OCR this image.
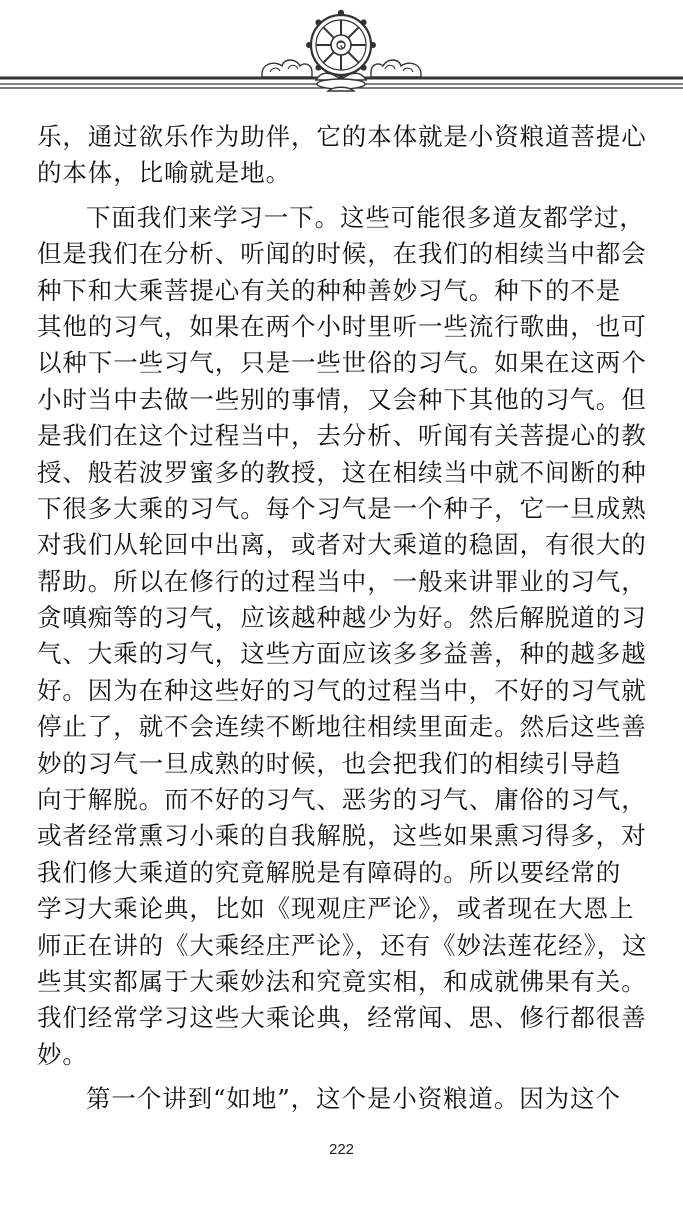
乐，通过欲乐作为助伴，它的本体就是小资粮道菩提心
的本体，比喻就是地。
下面我们来学习一下。这些可能很多道友都学过，
但是我们在分析、听闻的时候，在我们的相续当中都会
种下和大乘菩提心有关的种种善妙习气。种下的不是
其他的习气，如果在两个小时里听一些流行歌曲，也可
以种下一些习气，只是一些世俗的习气。如果在这两个
小时当中去做一些别的事情，又会种下其他的习气。但
是我们在这个过程当中，去分析、听闻有关菩提心的教
授、般若波罗蜜多的教授，这在相续当中就不间断的种
下很多大乘的习气。每个习气是一个种子，它一旦成熟
对我们从轮回中出离，或者对大乘道的稳固，有很大的
帮助。所以在修行的过程当中，一般来讲罪业的习气，
贪嗔痴等的习气，应该越种越少为好。然后解脱道的习
气、大乘的习气，这些方面应该多多益善，种的越多越
好。因为在种这些好的习气的过程当中，不好的习气就
停止了，就不会连续不断地往相续里面走。然后这些善
妙的习气一旦成熟的时候，也会把我们的相续引导趋
向于解脱。而不好的习气、恶劣的习气、庸俗的习气，
或者经常熏习小乘的自我解脱，这些如果熏习得多，对
我们修大乘道的究竟解脱是有障碍的。所以要经常的
学习大乘论典，比如《现观庄严论》，或者现在大恩上
师正在讲的《大乘经庄严论》，还有《妙法莲花经》，这
些其实都属于大乘妙法和究竟实相，和成就佛果有关。
我们经常学习这些大乘论典，经常闻、思、修行都很善
妙。
第一个讲到“如地”，这个是小资粮道。因为这个
222
